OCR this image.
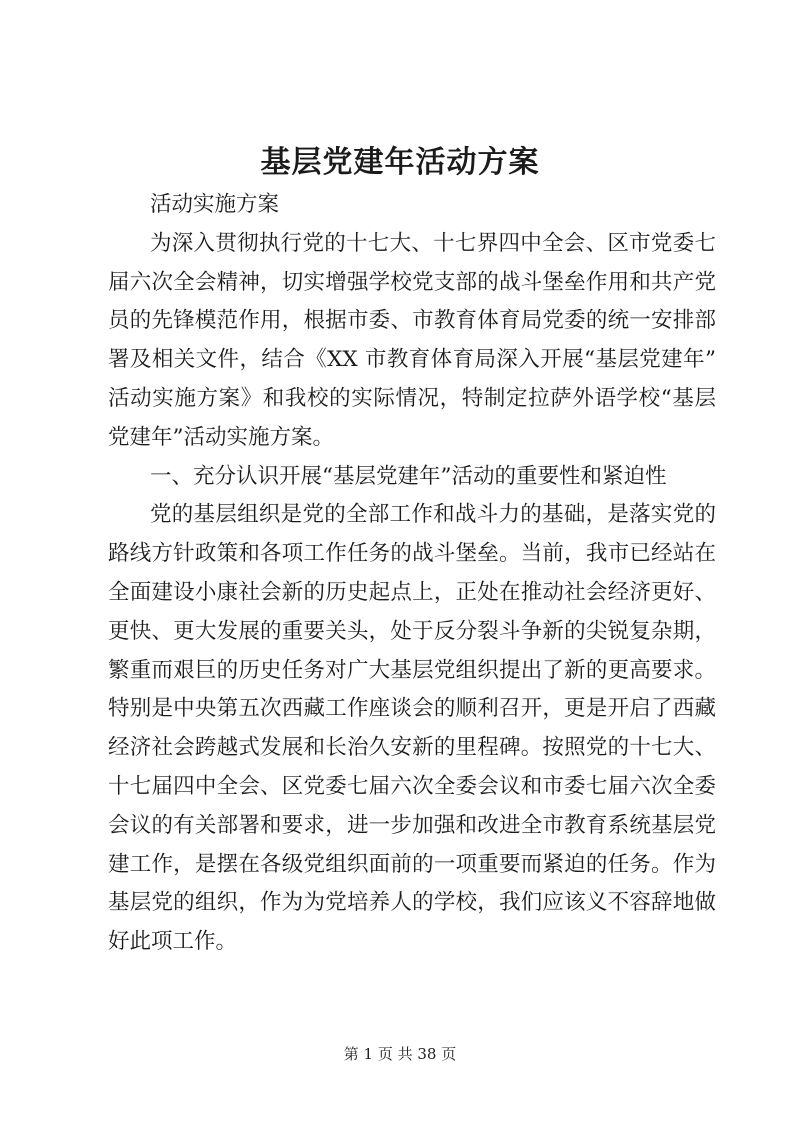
基层党建年活动方案
活动实施方案
为深入贯彻执行党的十七大、十七界四中全会、区市党委七
届六次全会精神，切实增强学校党支部的战斗堡垒作用和共产党
员的先锋模范作用，根据市委、市教育体育局党委的统一安排部
署及相关文件，结合《XX 市教育体育局深入开展“基层党建年”
活动实施方案》和我校的实际情况，特制定拉萨外语学校“基层
党建年”活动实施方案。
一、充分认识开展“基层党建年”活动的重要性和紧迫性
党的基层组织是党的全部工作和战斗力的基础，是落实党的
路线方针政策和各项工作任务的战斗堡垒。当前，我市已经站在
全面建设小康社会新的历史起点上，正处在推动社会经济更好、
更快、更大发展的重要关头，处于反分裂斗争新的尖锐复杂期，
繁重而艰巨的历史任务对广大基层党组织提出了新的更高要求。
特别是中央第五次西藏工作座谈会的顺利召开，更是开启了西藏
经济社会跨越式发展和长治久安新的里程碑。按照党的十七大、
十七届四中全会、区党委七届六次全委会议和市委七届六次全委
会议的有关部署和要求，进一步加强和改进全市教育系统基层党
建工作，是摆在各级党组织面前的一项重要而紧迫的任务。作为
基层党的组织，作为为党培养人的学校，我们应该义不容辞地做
好此项工作。
第 1 页 共 38 页
